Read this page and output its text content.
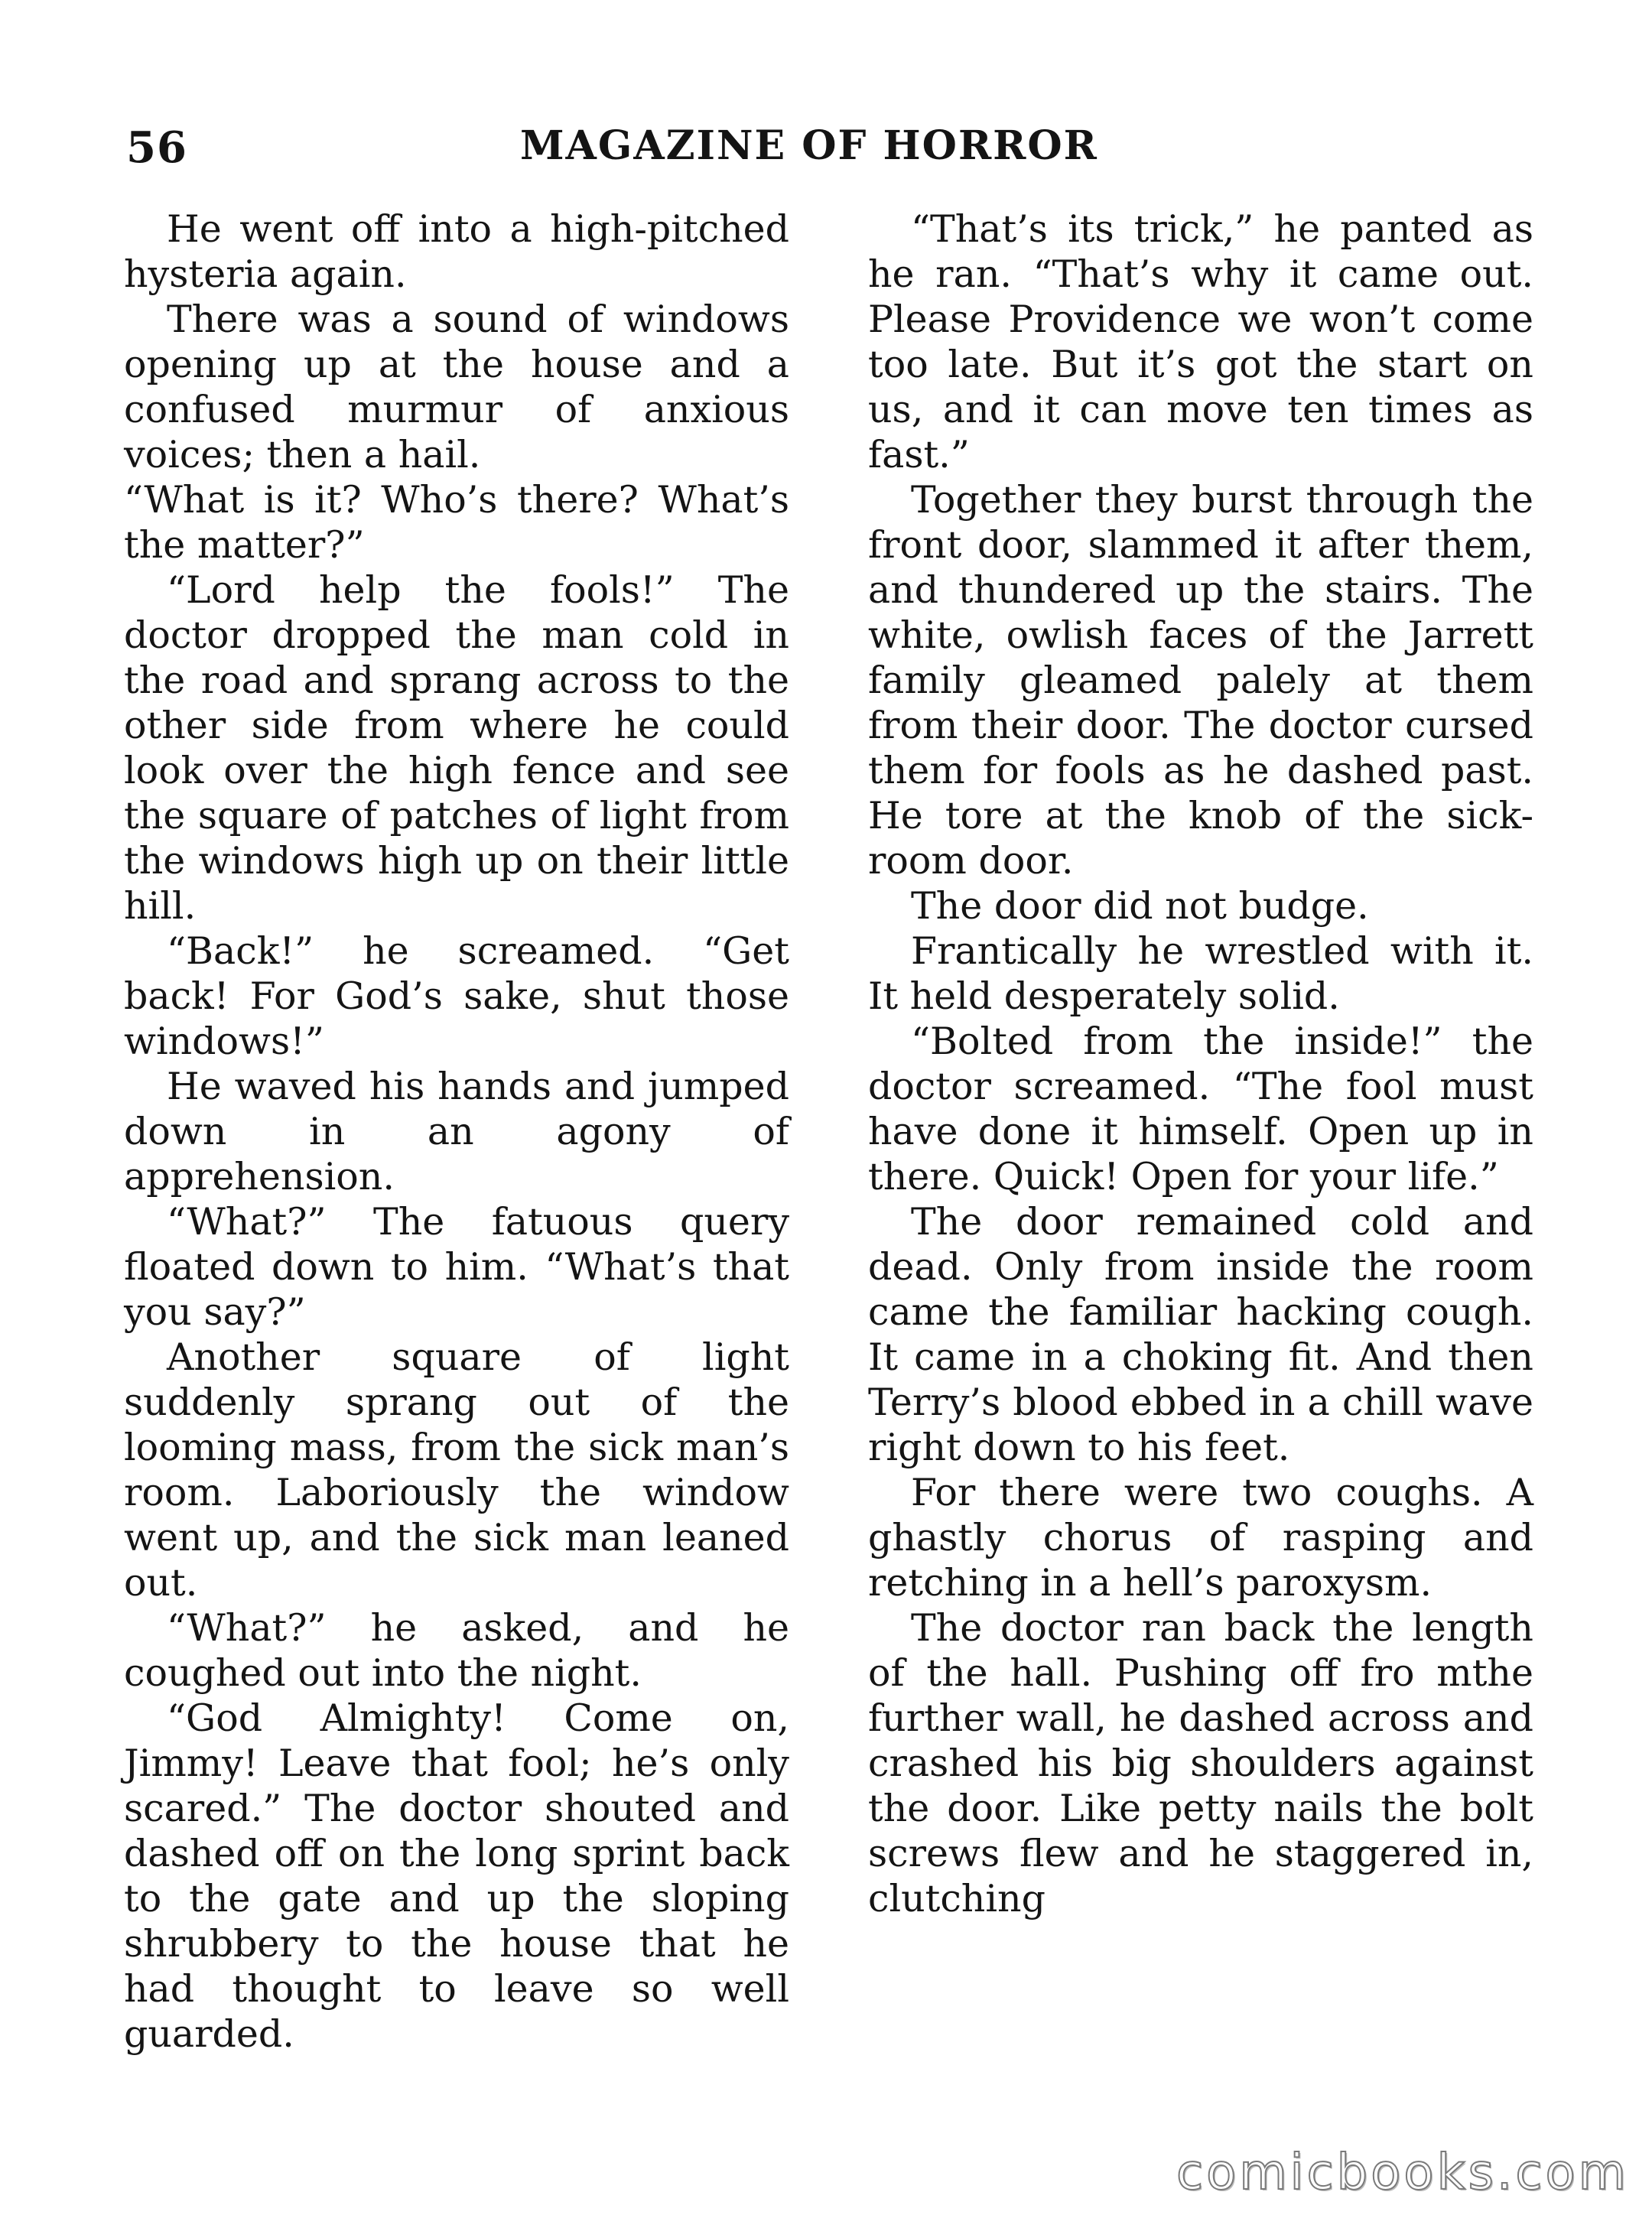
56	MAGAZINE OF HORROR

He went off into a high-pitched hysteria again.

There was a sound of windows opening up at the house and a confused murmur of anxious voices; then a hail.

“What is it? Who’s there? What’s the matter?”

“Lord help the fools!” The doctor dropped the man cold in the road and sprang across to the other side from where he could look over the high fence and see the square of patches of light from the windows high up on their little hill.

“Back!” he screamed. “Get back! For God’s sake, shut those windows!”

He waved his hands and jumped down in an agony of apprehension.

“What?” The fatuous query floated down to him. “What’s that you say?”

Another square of light suddenly sprang out of the looming mass, from the sick man’s room. Laboriously the window went up, and the sick man leaned out.

“What?” he asked, and he coughed out into the night.

“God Almighty! Come on, Jimmy! Leave that fool; he’s only scared.” The doctor shouted and dashed off on the long sprint back to the gate and up the sloping shrubbery to the house that he had thought to leave so well guarded.

“That’s its trick,” he panted as he ran. “That’s why it came out. Please Providence we won’t come too late. But it’s got the start on us, and it can move ten times as fast.”

Together they burst through the front door, slammed it after them, and thundered up the stairs. The white, owlish faces of the Jarrett family gleamed palely at them from their door. The doctor cursed them for fools as he dashed past. He tore at the knob of the sick-room door.

The door did not budge.

Frantically he wrestled with it. It held desperately solid.

“Bolted from the inside!” the doctor screamed. “The fool must have done it himself. Open up in there. Quick! Open for your life.”

The door remained cold and dead. Only from inside the room came the familiar hacking cough. It came in a choking fit. And then Terry’s blood ebbed in a chill wave right down to his feet.

For there were two coughs. A ghastly chorus of rasping and retching in a hell’s paroxysm.

The doctor ran back the length of the hall. Pushing off fro mthe further wall, he dashed across and crashed his big shoulders against the door. Like petty nails the bolt screws flew and he staggered in, clutching

comicbooks.com
